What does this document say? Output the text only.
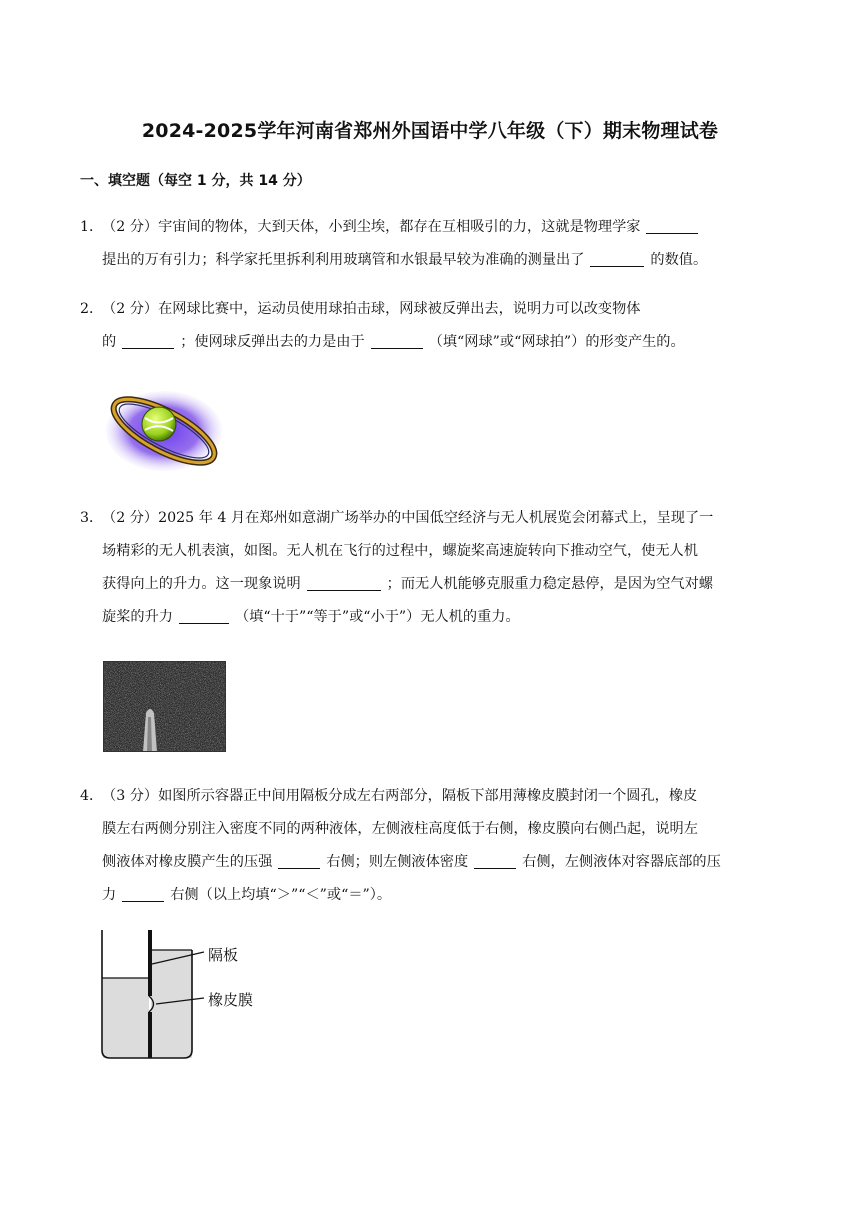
2024-2025学年河南省郑州外国语中学八年级（下）期末物理试卷
一、填空题（每空 1 分，共 14 分）
1．
（2 分）宇宙间的物体，大到天体，小到尘埃，都存在互相吸引的力，这就是物理学家
提出的万有引力；科学家托里拆利利用玻璃管和水银最早较为准确的测量出了	的数值。
2．
（2 分）在网球比赛中，运动员使用球拍击球，网球被反弹出去，说明力可以改变物体
的	；使网球反弹出去的力是由于	（填“网球”或“网球拍”）的形变产生的。
3．
（2 分）2025 年 4 月在郑州如意湖广场举办的中国低空经济与无人机展览会闭幕式上，呈现了一
场精彩的无人机表演，如图。无人机在飞行的过程中，螺旋桨高速旋转向下推动空气，使无人机
获得向上的升力。这一现象说明	；而无人机能够克服重力稳定悬停，是因为空气对螺
旋桨的升力	（填“十于”“等于”或“小于”）无人机的重力。
4．
（3 分）如图所示容器正中间用隔板分成左右两部分，隔板下部用薄橡皮膜封闭一个圆孔，橡皮
膜左右两侧分别注入密度不同的两种液体，左侧液柱高度低于右侧，橡皮膜向右侧凸起，说明左
侧液体对橡皮膜产生的压强	右侧；则左侧液体密度	右侧，左侧液体对容器底部的压
力	右侧（以上均填“＞”“＜”或“＝”）。
隔板
橡皮膜
